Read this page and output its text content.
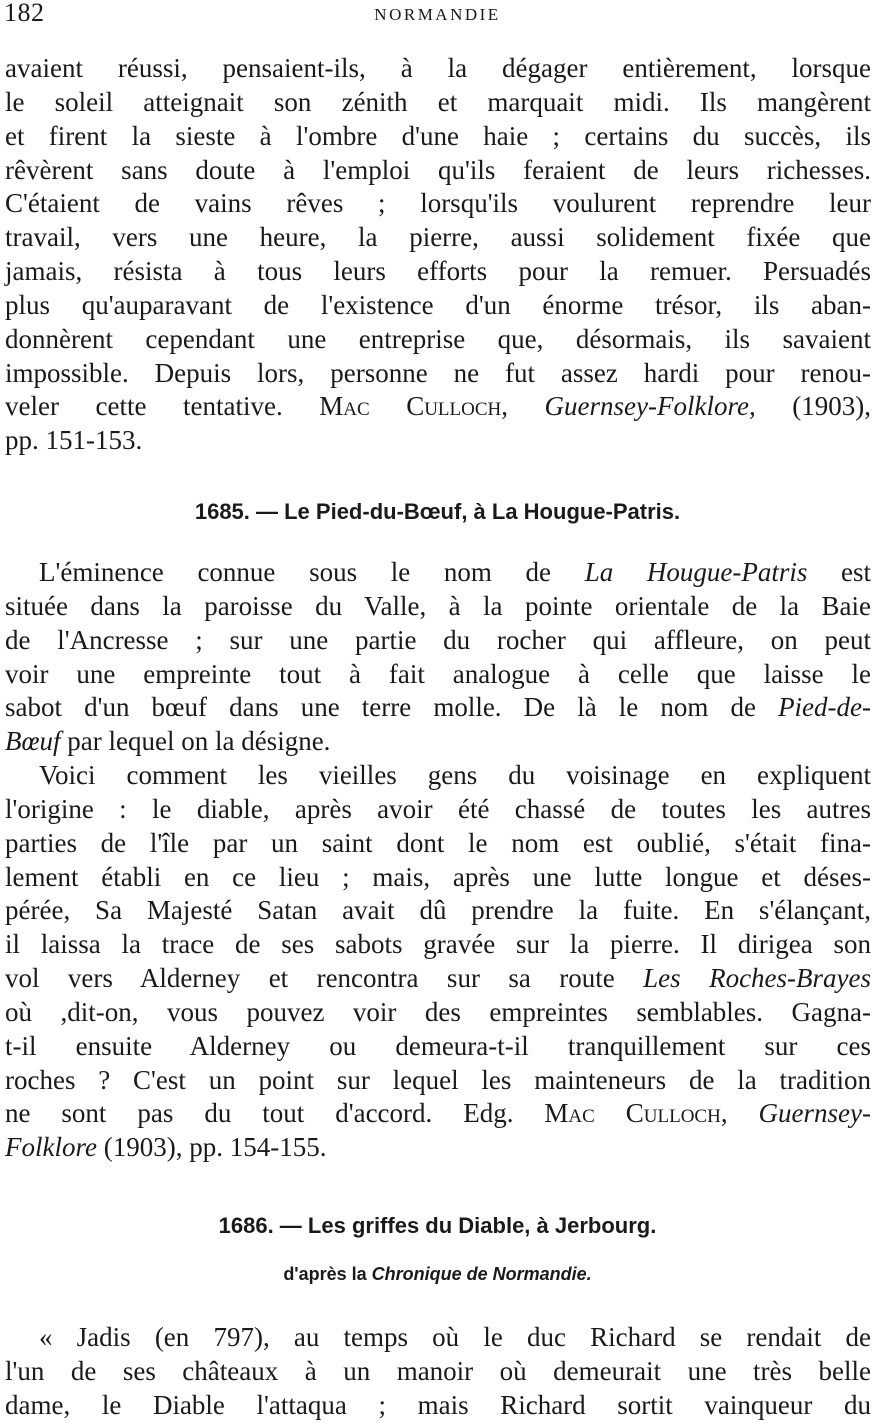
182	NORMANDIE
avaient réussi, pensaient-ils, à la dégager entièrement, lorsque
le soleil atteignait son zénith et marquait midi. Ils mangèrent
et firent la sieste à l'ombre d'une haie ; certains du succès, ils
rêvèrent sans doute à l'emploi qu'ils feraient de leurs richesses.
C'étaient de vains rêves ; lorsqu'ils voulurent reprendre leur
travail, vers une heure, la pierre, aussi solidement fixée que
jamais, résista à tous leurs efforts pour la remuer. Persuadés
plus qu'auparavant de l'existence d'un énorme trésor, ils aban-
donnèrent cependant une entreprise que, désormais, ils savaient
impossible. Depuis lors, personne ne fut assez hardi pour renou-
veler cette tentative. Mac Culloch, Guernsey-Folklore, (1903),
pp. 151-153.
1685. — Le Pied-du-Bœuf, à La Hougue-Patris.
L'éminence connue sous le nom de La Hougue-Patris est
située dans la paroisse du Valle, à la pointe orientale de la Baie
de l'Ancresse ; sur une partie du rocher qui affleure, on peut
voir une empreinte tout à fait analogue à celle que laisse le
sabot d'un bœuf dans une terre molle. De là le nom de Pied-de-
Bœuf par lequel on la désigne.
Voici comment les vieilles gens du voisinage en expliquent
l'origine : le diable, après avoir été chassé de toutes les autres
parties de l'île par un saint dont le nom est oublié, s'était fina-
lement établi en ce lieu ; mais, après une lutte longue et déses-
pérée, Sa Majesté Satan avait dû prendre la fuite. En s'élançant,
il laissa la trace de ses sabots gravée sur la pierre. Il dirigea son
vol vers Alderney et rencontra sur sa route Les Roches-Brayes
où ,dit-on, vous pouvez voir des empreintes semblables. Gagna-
t-il ensuite Alderney ou demeura-t-il tranquillement sur ces
roches ? C'est un point sur lequel les mainteneurs de la tradition
ne sont pas du tout d'accord. Edg. Mac Culloch, Guernsey-
Folklore (1903), pp. 154-155.
1686. — Les griffes du Diable, à Jerbourg.
d'après la Chronique de Normandie.
« Jadis (en 797), au temps où le duc Richard se rendait de
l'un de ses châteaux à un manoir où demeurait une très belle
dame, le Diable l'attaqua ; mais Richard sortit vainqueur du
